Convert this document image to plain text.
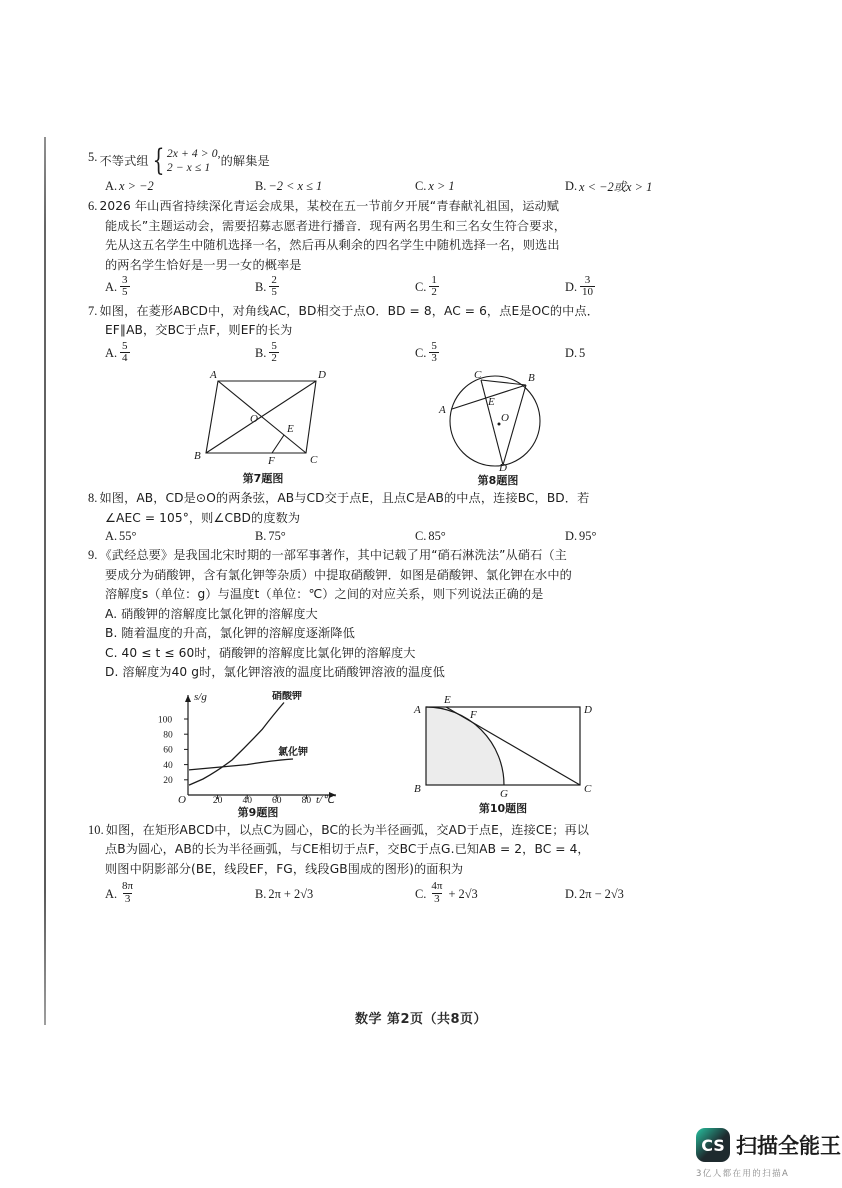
5. 不等式组 { 2x + 4 > 0,
2 − x ≤ 1 的解集是
A. x > −2	B. −2 < x ≤ 1	C. x > 1	D. x < −2或x > 1
6. 2026 年山西省持续深化青运会成果，某校在五一节前夕开展“青春献礼祖国，运动赋
能成长”主题运动会，需要招募志愿者进行播音．现有两名男生和三名女生符合要求，
先从这五名学生中随机选择一名，然后再从剩余的四名学生中随机选择一名，则选出
的两名学生恰好是一男一女的概率是
A. $\frac{3}{5}$	B. $\frac{2}{5}$	C. $\frac{1}{2}$	D. $\frac{3}{10}$
7. 如图，在菱形ABCD中，对角线AC，BD相交于点O．BD = 8，AC = 6，点E是OC的中点．
EF∥AB，交BC于点F，则EF的长为
A. $\frac{5}{4}$	B. $\frac{5}{2}$	C. $\frac{5}{3}$	D. 5
A	D
B	C
O
E
F
第7题图
A
B
C
D
E
O
第8题图
8. 如图，AB，CD是⊙O的两条弦，AB与CD交于点E，且点C是AB的中点，连接BC，BD．若
∠AEC = 105°，则∠CBD的度数为
A. 55°	B. 75°	C. 85°	D. 95°
9. 《武经总要》是我国北宋时期的一部军事著作，其中记载了用“硝石淋洗法”从硝石（主
要成分为硝酸钾，含有氯化钾等杂质）中提取硝酸钾．如图是硝酸钾、氯化钾在水中的
溶解度s（单位：g）与温度t（单位：℃）之间的对应关系，则下列说法正确的是
A. 硝酸钾的溶解度比氯化钾的溶解度大
B. 随着温度的升高，氯化钾的溶解度逐渐降低
C. 40 ≤ t ≤ 60时，硝酸钾的溶解度比氯化钾的溶解度大
D. 溶解度为40 g时，氯化钾溶液的温度比硝酸钾溶液的温度低
20
40
60
80
100
20 40 60 80
O
s/g
t/℃
硝酸钾
氯化钾
第9题图
A	D
B	C
E
F
G
第10题图
10. 如图，在矩形ABCD中，以点C为圆心，BC的长为半径画弧，交AD于点E，连接CE；再以
点B为圆心，AB的长为半径画弧，与CE相切于点F，交BC于点G.已知AB = 2，BC = 4，
则图中阴影部分(BE，线段EF，FG，线段GB围成的图形)的面积为
A. $\frac{8\pi}{3}$	B. 2π + 2√3	C. $\frac{4\pi}{3} + 2√3$	D. 2π − 2√3
数学 第2页（共8页）
CS 扫描全能王
3亿人都在用的扫描A
